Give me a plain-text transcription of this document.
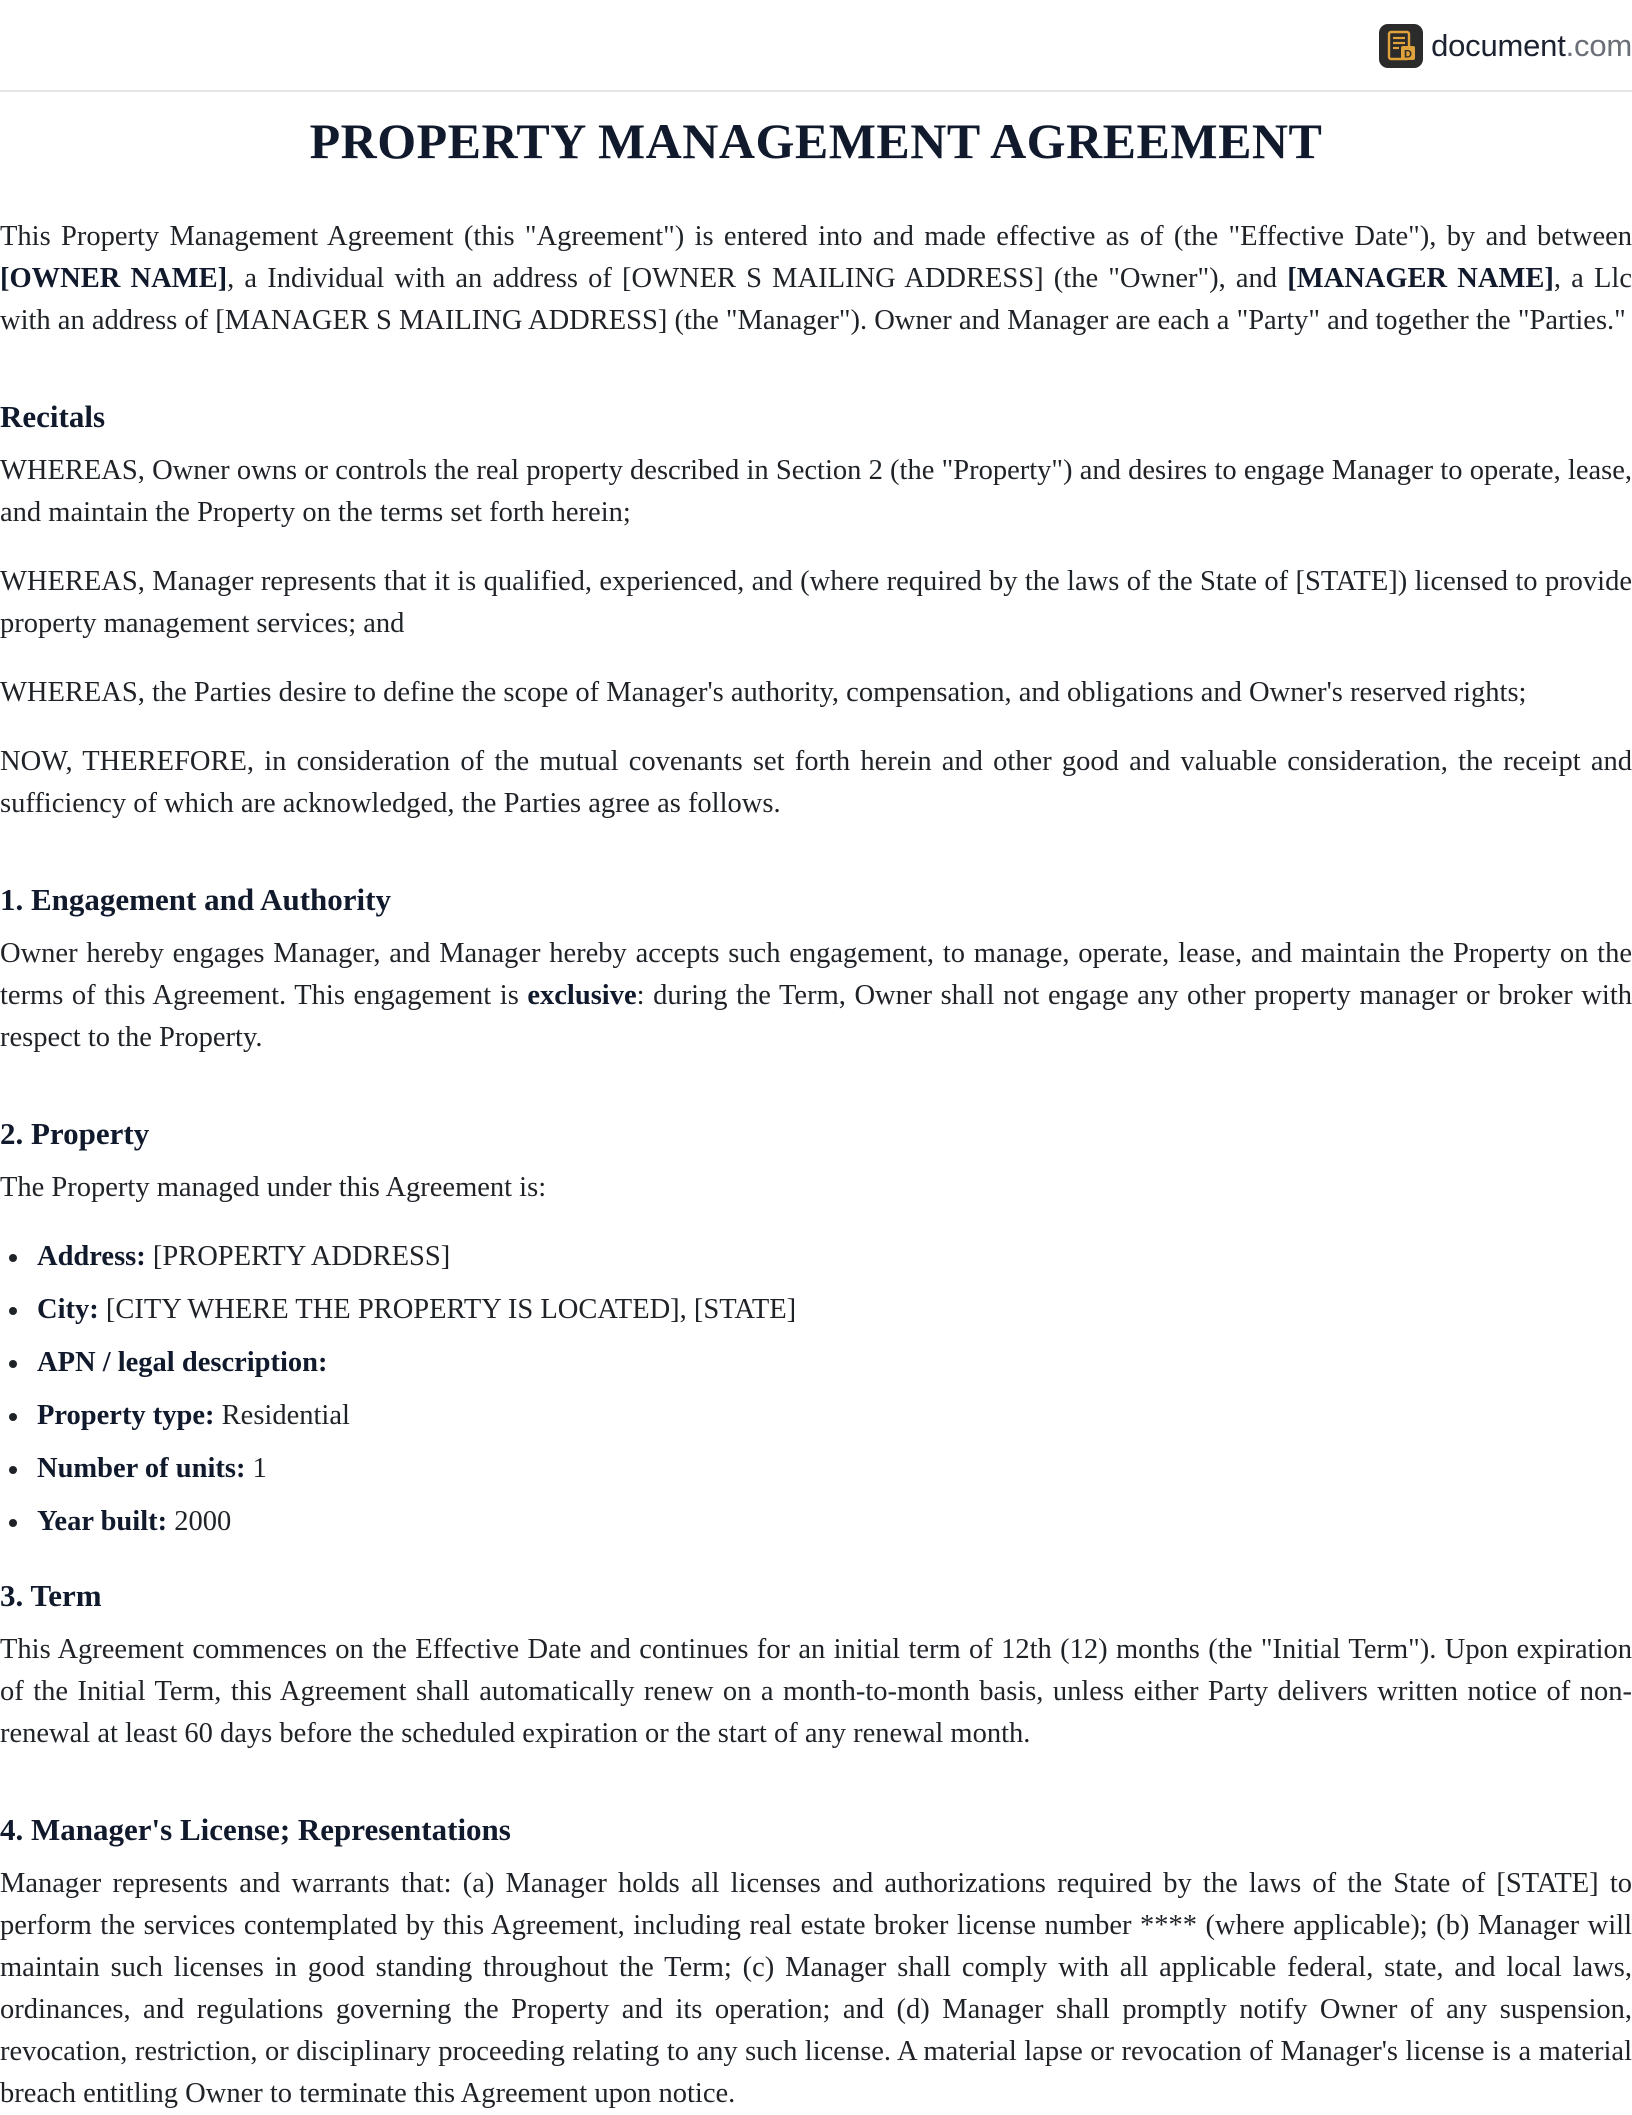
D document.com
PROPERTY MANAGEMENT AGREEMENT

This Property Management Agreement (this "Agreement") is entered into and made effective as of (the "Effective Date"), by and between [OWNER NAME], a Individual with an address of [OWNER S MAILING ADDRESS] (the "Owner"), and [MANAGER NAME], a Llc with an address of [MANAGER S MAILING ADDRESS] (the "Manager"). Owner and Manager are each a "Party" and together the "Parties."

Recitals

WHEREAS, Owner owns or controls the real property described in Section 2 (the "Property") and desires to engage Manager to operate, lease, and maintain the Property on the terms set forth herein;

WHEREAS, Manager represents that it is qualified, experienced, and (where required by the laws of the State of [STATE]) licensed to provide property management services; and

WHEREAS, the Parties desire to define the scope of Manager's authority, compensation, and obligations and Owner's reserved rights;

NOW, THEREFORE, in consideration of the mutual covenants set forth herein and other good and valuable consideration, the receipt and sufficiency of which are acknowledged, the Parties agree as follows.

1. Engagement and Authority

Owner hereby engages Manager, and Manager hereby accepts such engagement, to manage, operate, lease, and maintain the Property on the terms of this Agreement. This engagement is exclusive: during the Term, Owner shall not engage any other property manager or broker with respect to the Property.

2. Property

The Property managed under this Agreement is:

Address: [PROPERTY ADDRESS]
City: [CITY WHERE THE PROPERTY IS LOCATED], [STATE]
APN / legal description:
Property type: Residential
Number of units: 1
Year built: 2000
3. Term

This Agreement commences on the Effective Date and continues for an initial term of 12th (12) months (the "Initial Term"). Upon expiration of the Initial Term, this Agreement shall automatically renew on a month-to-month basis, unless either Party delivers written notice of non-renewal at least 60 days before the scheduled expiration or the start of any renewal month.

4. Manager's License; Representations

Manager represents and warrants that: (a) Manager holds all licenses and authorizations required by the laws of the State of [STATE] to perform the services contemplated by this Agreement, including real estate broker license number **** (where applicable); (b) Manager will maintain such licenses in good standing throughout the Term; (c) Manager shall comply with all applicable federal, state, and local laws, ordinances, and regulations governing the Property and its operation; and (d) Manager shall promptly notify Owner of any suspension, revocation, restriction, or disciplinary proceeding relating to any such license. A material lapse or revocation of Manager's license is a material breach entitling Owner to terminate this Agreement upon notice.
